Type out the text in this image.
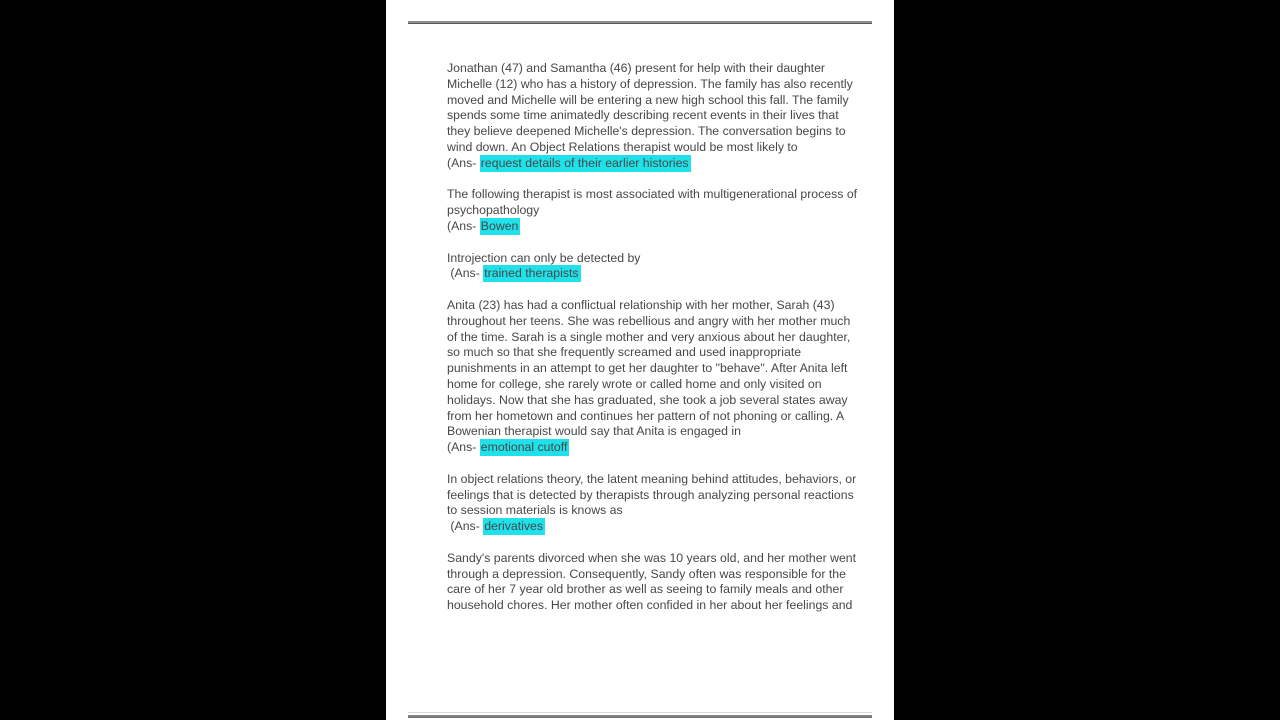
Jonathan (47) and Samantha (46) present for help with their daughter
Michelle (12) who has a history of depression. The family has also recently
moved and Michelle will be entering a new high school this fall. The family
spends some time animatedly describing recent events in their lives that
they believe deepened Michelle's depression. The conversation begins to
wind down. An Object Relations therapist would be most likely to
(Ans- request details of their earlier histories
The following therapist is most associated with multigenerational process of
psychopathology
(Ans- Bowen
Introjection can only be detected by
(Ans- trained therapists
Anita (23) has had a conflictual relationship with her mother, Sarah (43)
throughout her teens. She was rebellious and angry with her mother much
of the time. Sarah is a single mother and very anxious about her daughter,
so much so that she frequently screamed and used inappropriate
punishments in an attempt to get her daughter to "behave". After Anita left
home for college, she rarely wrote or called home and only visited on
holidays. Now that she has graduated, she took a job several states away
from her hometown and continues her pattern of not phoning or calling. A
Bowenian therapist would say that Anita is engaged in
(Ans- emotional cutoff
In object relations theory, the latent meaning behind attitudes, behaviors, or
feelings that is detected by therapists through analyzing personal reactions
to session materials is knows as
(Ans- derivatives
Sandy's parents divorced when she was 10 years old, and her mother went
through a depression. Consequently, Sandy often was responsible for the
care of her 7 year old brother as well as seeing to family meals and other
household chores. Her mother often confided in her about her feelings and
